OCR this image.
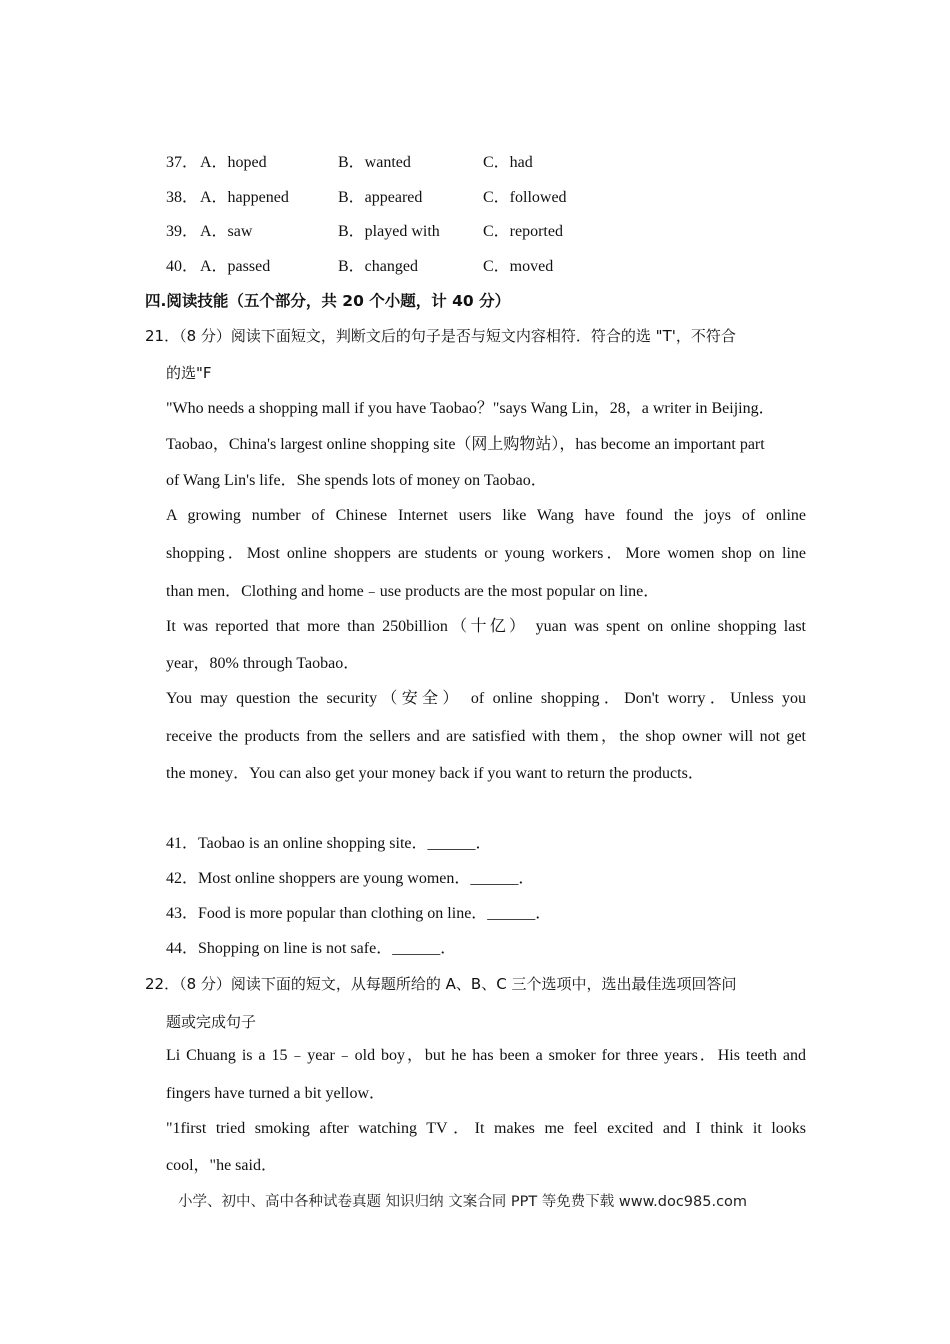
37． A．hoped	B．wanted	C．had
38． A．happened	B．appeared	C．followed
39． A．saw	B．played with	C．reported
40． A．passed	B．changed	C．moved
四.阅读技能（五个部分，共 20 个小题，计 40 分）
21．（8 分）阅读下面短文，判断文后的句子是否与短文内容相符．符合的选 "T'，不符合
的选"F
"Who needs a shopping mall if you have Taobao？"says Wang Lin，28，a writer in Beijing．
Taobao，China's largest online shopping site（网上购物站），has become an important part
of Wang Lin's life．She spends lots of money on Taobao．
A growing number of Chinese Internet users like Wang have found the joys of online
shopping．Most online shoppers are students or young workers．More women shop on line
than men．Clothing and home﹣use products are the most popular on line．
It was reported that more than 250billion（十亿） yuan was spent on online shopping last
year，80% through Taobao．
You may question the security（安全） of online shopping．Don't worry．Unless you
receive the products from the sellers and are satisfied with them，the shop owner will not get
the money．You can also get your money back if you want to return the products．
41．Taobao is an online shopping site．______．
42．Most online shoppers are young women．______．
43．Food is more popular than clothing on line．______．
44．Shopping on line is not safe．______．
22．（8 分）阅读下面的短文，从每题所给的 A、B、C 三个选项中，选出最佳选项回答问
题或完成句子
Li Chuang is a 15﹣year﹣old boy，but he has been a smoker for three years．His teeth and
fingers have turned a bit yellow．
"1first tried smoking after watching TV．It makes me feel excited and I think it looks
cool，"he said．
小学、初中、高中各种试卷真题 知识归纳 文案合同 PPT 等免费下载 www.doc985.com
